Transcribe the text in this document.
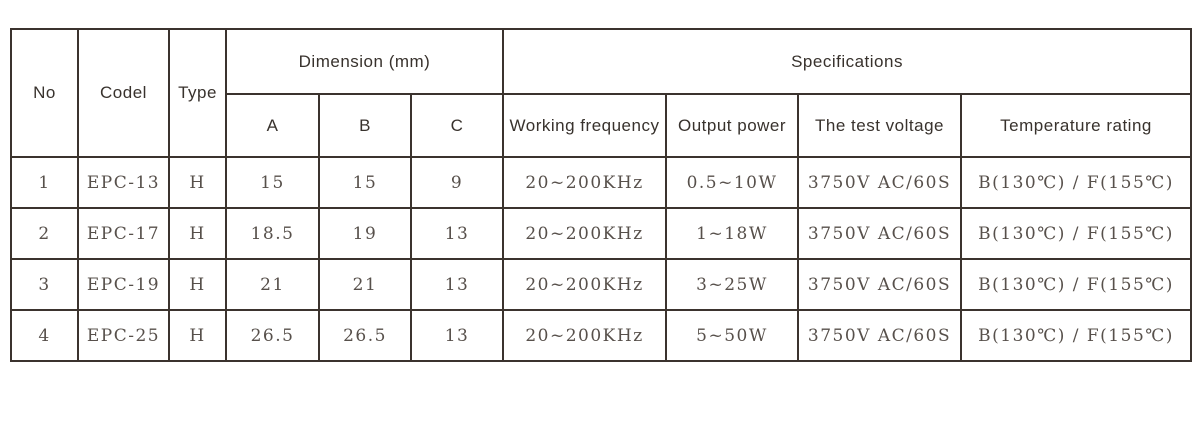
No	Codel	Type	Dimension (mm)			Specifications			
			A	B	C	Working frequency	Output power	The test voltage	Temperature rating
1	EPC-13	H	15	15	9	20~200KHz	0.5~10W	3750V AC/60S	B(130℃) / F(155℃)
2	EPC-17	H	18.5	19	13	20~200KHz	1~18W	3750V AC/60S	B(130℃) / F(155℃)
3	EPC-19	H	21	21	13	20~200KHz	3~25W	3750V AC/60S	B(130℃) / F(155℃)
4	EPC-25	H	26.5	26.5	13	20~200KHz	5~50W	3750V AC/60S	B(130℃) / F(155℃)
